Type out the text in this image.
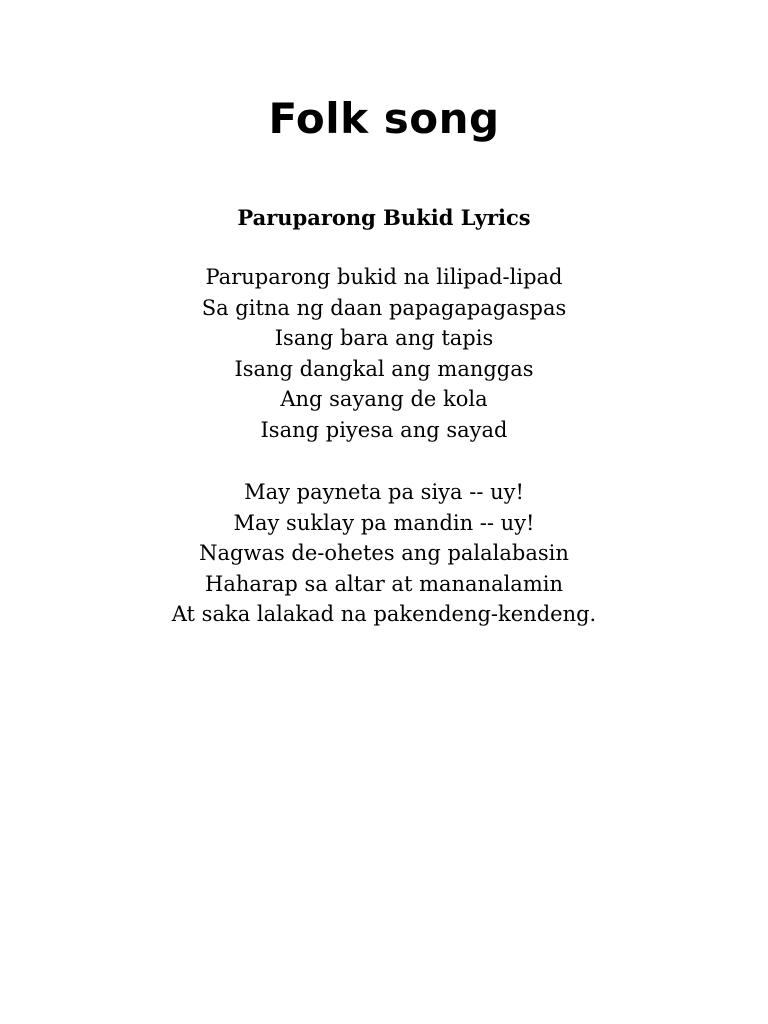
Folk song
Paruparong Bukid Lyrics
Paruparong bukid na lilipad-lipad
Sa gitna ng daan papagapagaspas
Isang bara ang tapis
Isang dangkal ang manggas
Ang sayang de kola
Isang piyesa ang sayad
May payneta pa siya -- uy!
May suklay pa mandin -- uy!
Nagwas de-ohetes ang palalabasin
Haharap sa altar at mananalamin
At saka lalakad na pakendeng-kendeng.
